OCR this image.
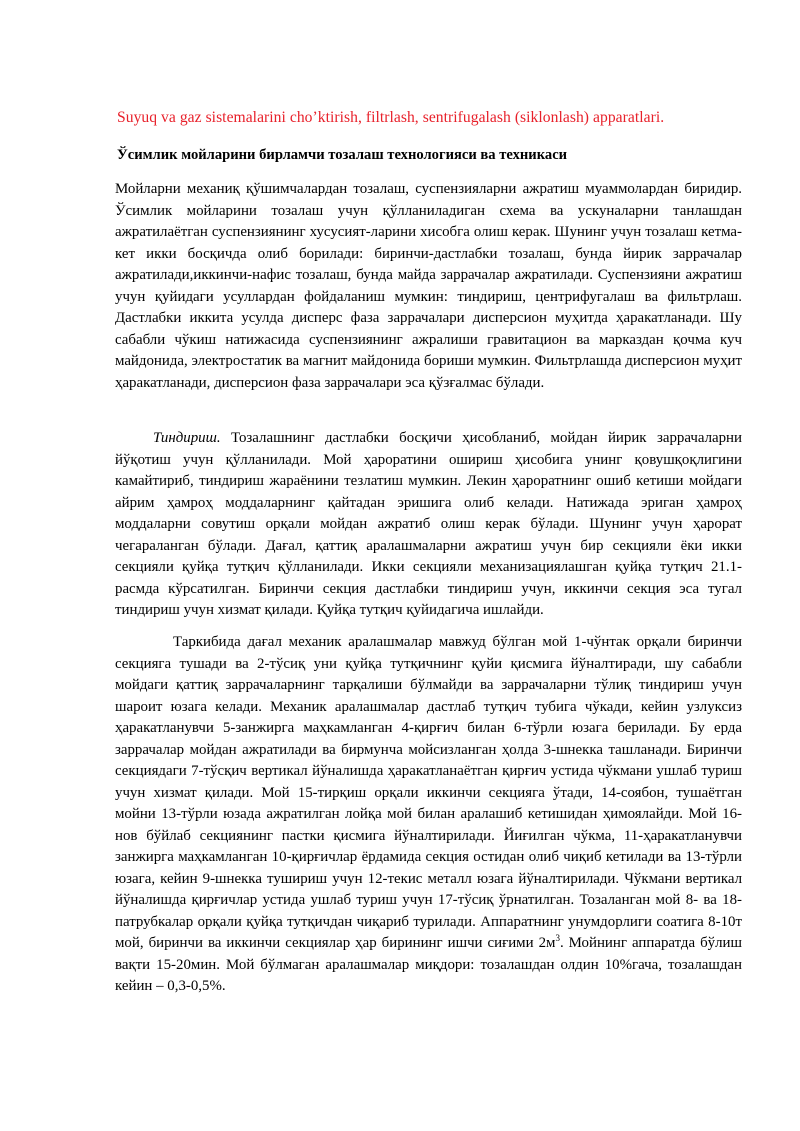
Suyuq va gaz sistemalarini cho’ktirish, filtrlash, sentrifugalash (siklonlash) apparatlari.
Ўсимлик мойларини бирламчи тозалаш технологияси ва техникаси

Мойларни механиқ қўшимчалардан тозалаш, суспензияларни ажратиш муаммолардан биридир. Ўсимлик мойларини тозалаш учун қўлланиладиган схема ва ускуналарни танлашдан ажратилаётган суспензиянинг хусусият-ларини хисобга олиш керак. Шунинг учун тозалаш кетма-кет икки босқичда олиб борилади: биринчи-дастлабки тозалаш, бунда йирик заррачалар ажратилади,иккинчи-нафис тозалаш, бунда майда заррачалар ажратилади. Суспензияни ажратиш учун қуйидаги усуллардан фойдаланиш мумкин: тиндириш, центрифугалаш ва фильтрлаш. Дастлабки иккита усулда дисперс фаза заррачалари дисперсион муҳитда ҳаракатланади. Шу сабабли чўкиш натижасида суспензиянинг ажралиши гравитацион ва марказдан қочма куч майдонида, электростатик ва магнит майдонида бориши мумкин. Фильтрлашда дисперсион муҳит ҳаракатланади, дисперсион фаза заррачалари эса қўзғалмас бўлади.

Тиндириш. Тозалашнинг дастлабки босқичи ҳисобланиб, мойдан йирик заррачаларни йўқотиш учун қўлланилади. Мой ҳароратини ошириш ҳисобига унинг қовушқоқлигини камайтириб, тиндириш жараёнини тезлатиш мумкин. Лекин ҳароратнинг ошиб кетиши мойдаги айрим ҳамроҳ моддаларнинг қайтадан эришига олиб келади. Натижада эриган ҳамроҳ моддаларни совутиш орқали мойдан ажратиб олиш керак бўлади. Шунинг учун ҳарорат чегараланган бўлади. Дағал, қаттиқ аралашмаларни ажратиш учун бир секцияли ёки икки секцияли қуйқа тутқич қўлланилади. Икки секцияли механизациялашган қуйқа тутқич 21.1-расмда кўрсатилган. Биринчи секция дастлабки тиндириш учун, иккинчи секция эса тугал тиндириш учун хизмат қилади. Қуйқа тутқич қуйидагича ишлайди.

Таркибида дағал механик аралашмалар мавжуд бўлган мой 1-чўнтак орқали биринчи секцияга тушади ва 2-тўсиқ уни қуйқа тутқичнинг қуйи қисмига йўналтиради, шу сабабли мойдаги қаттиқ заррачаларнинг тарқалиши бўлмайди ва заррачаларни тўлиқ тиндириш учун шароит юзага келади. Механик аралашмалар дастлаб тутқич тубига чўкади, кейин узлуксиз ҳаракатланувчи 5-занжирга маҳкамланган 4-қирғич билан 6-тўрли юзага берилади. Бу ерда заррачалар мойдан ажратилади ва бирмунча мойсизланган ҳолда 3-шнекка ташланади. Биринчи секциядаги 7-тўсқич вертикал йўналишда ҳаракатланаётган қирғич устида чўкмани ушлаб туриш учун хизмат қилади. Мой 15-тирқиш орқали иккинчи секцияга ўтади, 14-соябон, тушаётган мойни 13-тўрли юзада ажратилган лойқа мой билан аралашиб кетишидан ҳимоялайди. Мой 16-нов бўйлаб секциянинг пастки қисмига йўналтирилади. Йиғилган чўкма, 11-ҳаракатланувчи занжирга маҳкамланган 10-қирғичлар ёрдамида секция остидан олиб чиқиб кетилади ва 13-тўрли юзага, кейин 9-шнекка тушириш учун 12-текис металл юзага йўналтирилади. Чўкмани вертикал йўналишда қирғичлар устида ушлаб туриш учун 17-тўсиқ ўрнатилган. Тозаланган мой 8- ва 18-патрубкалар орқали қуйқа тутқичдан чиқариб турилади. Аппаратнинг унумдорлиги соатига 8-10т мой, биринчи ва иккинчи секциялар ҳар бирининг ишчи сиғими $2м^3$. Мойнинг аппаратда бўлиш вақти 15-20мин. Мой бўлмаган аралашмалар миқдори: тозалашдан олдин 10%гача, тозалашдан кейин – 0,3-0,5%.
